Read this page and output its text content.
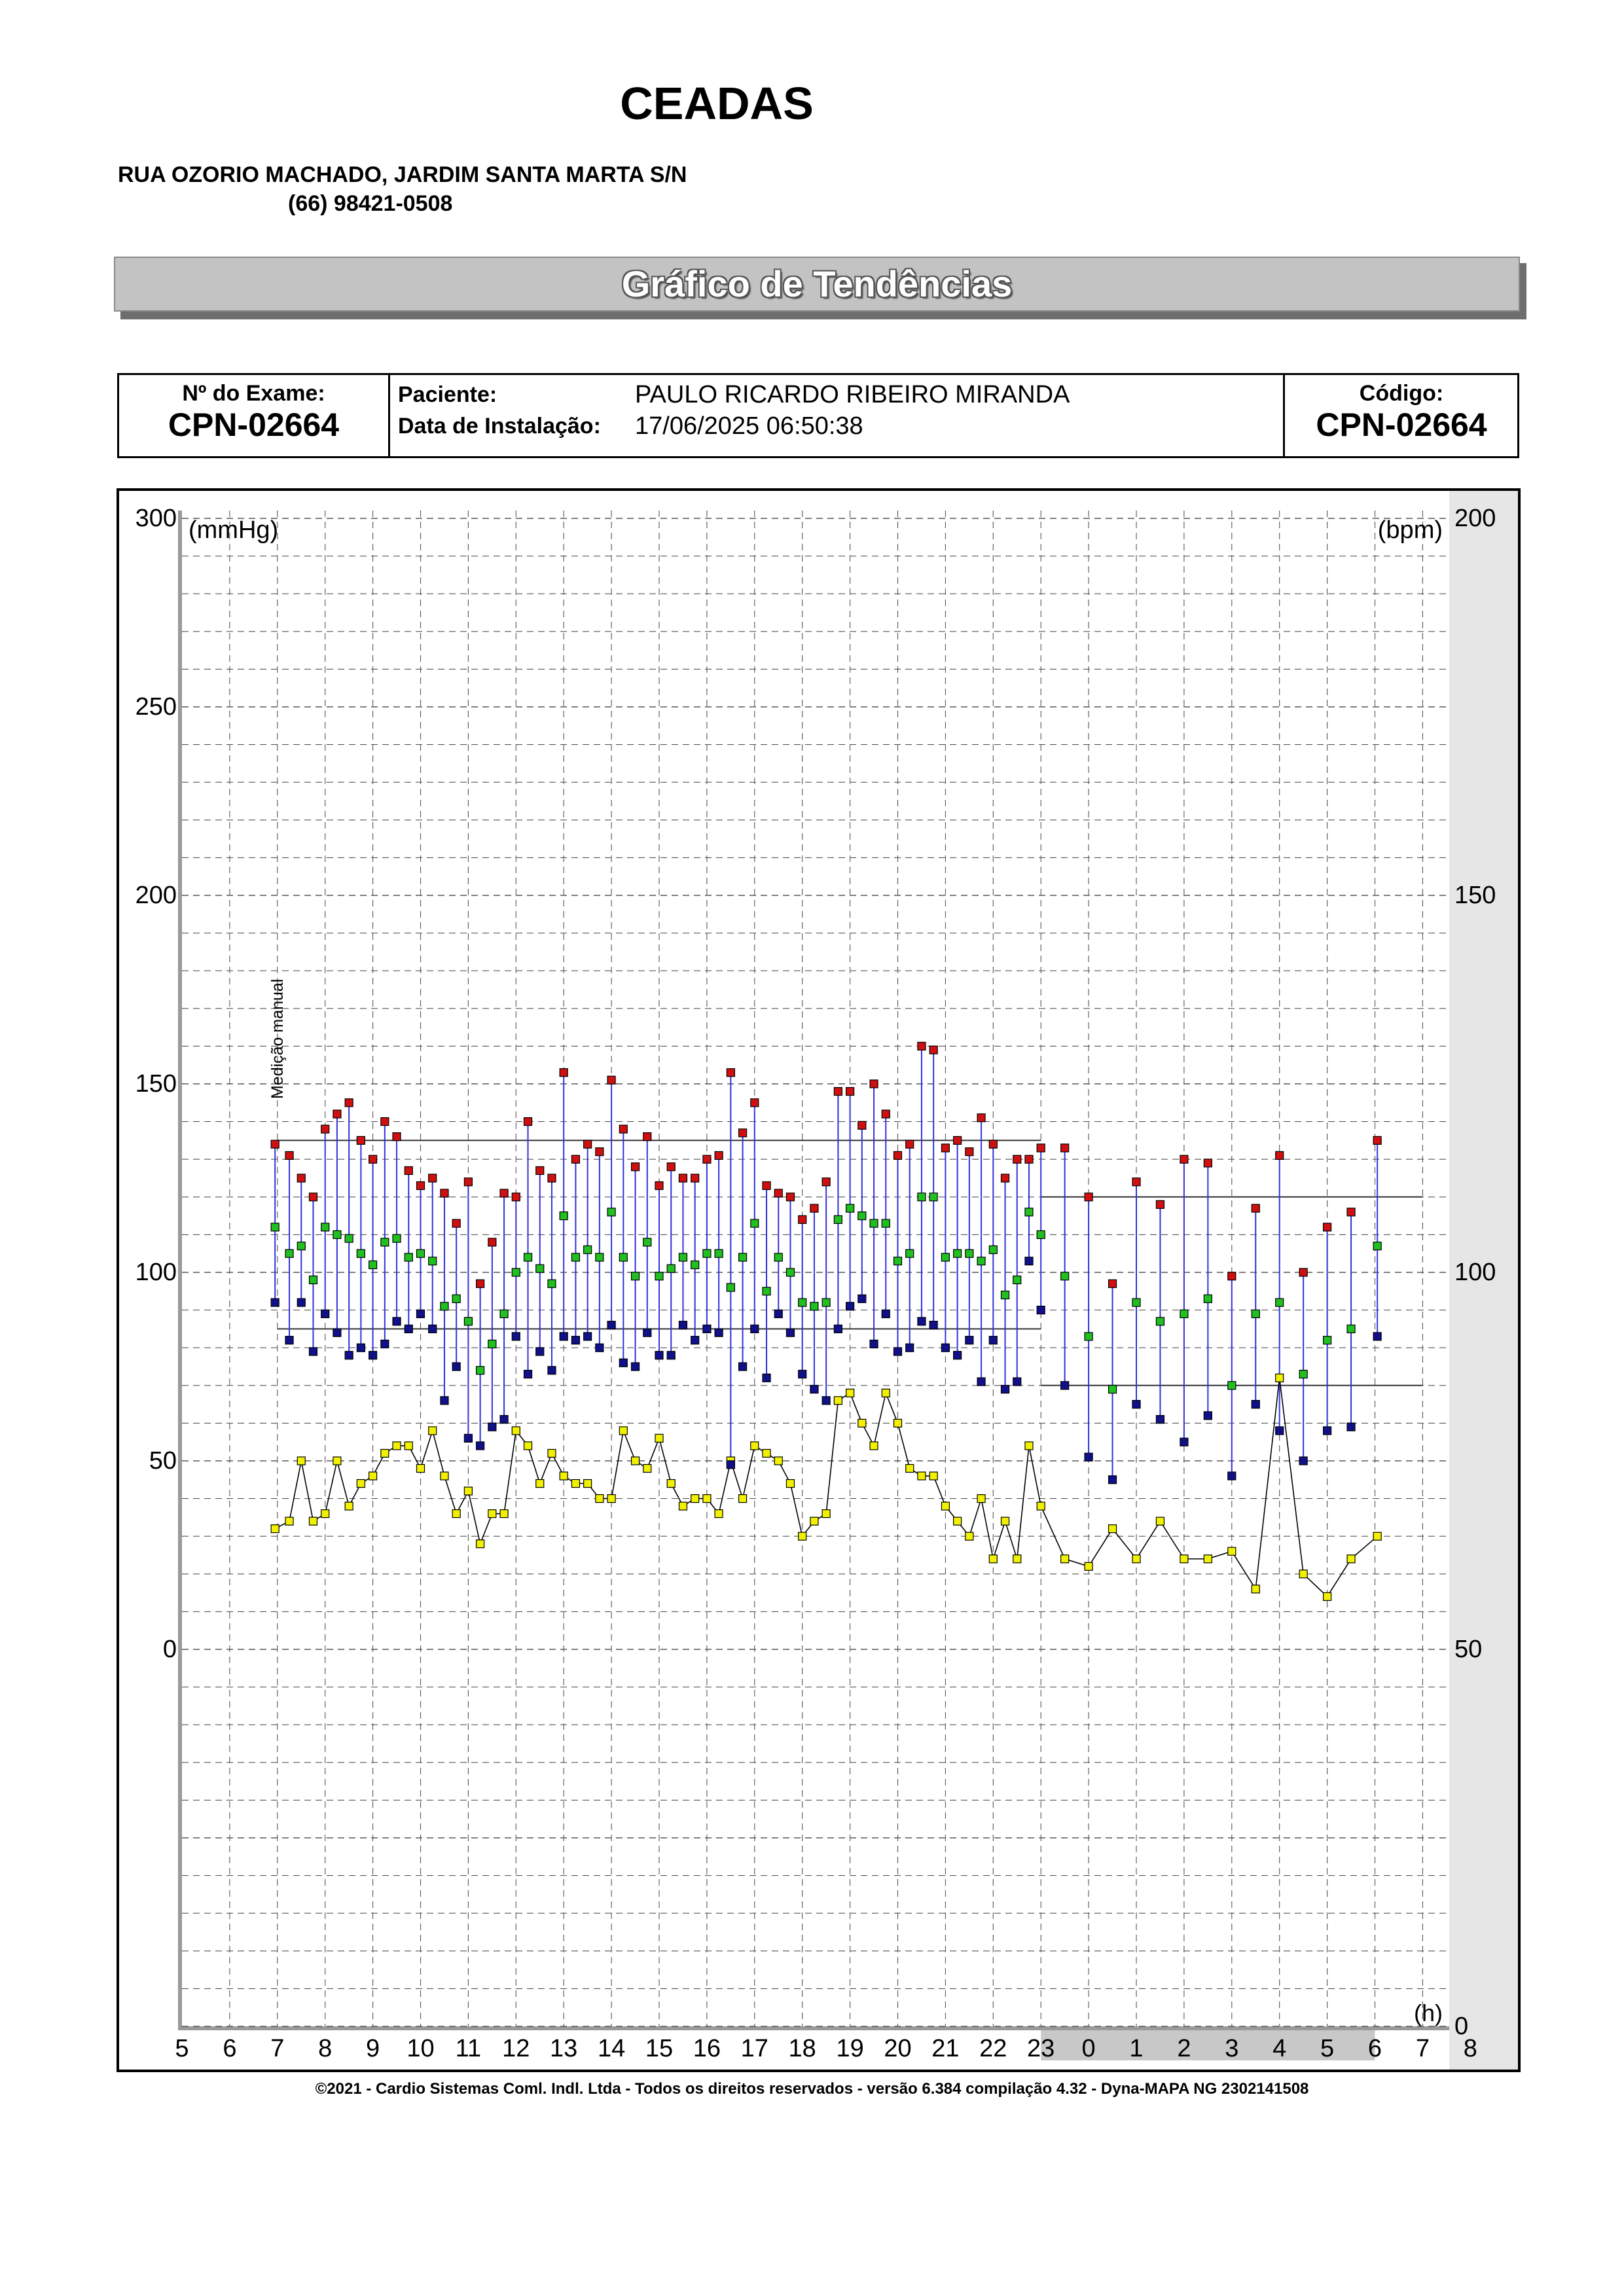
CEADAS
RUA OZORIO MACHADO, JARDIM SANTA MARTA S/N
(66) 98421-0508
Gráfico de Tendências
Nº do Exame:
CPN-02664
Paciente:	PAULO RICARDO RIBEIRO MIRANDA
Data de Instalação: 17/06/2025 06:50:38
Código:
CPN-02664
Medição manual
0
50
100
150
200
250
300
0
50
100
150
200
(mmHg)	(bpm)
(h)
5 6 7 8 9 10 11 12 13 14 15 16 17 18 19 20 21 22 23 0 1 2 3 4 5 6 7 8
©2021 - Cardio Sistemas Coml. Indl. Ltda - Todos os direitos reservados - versão 6.384 compilação 4.32 - Dyna-MAPA NG 2302141508
